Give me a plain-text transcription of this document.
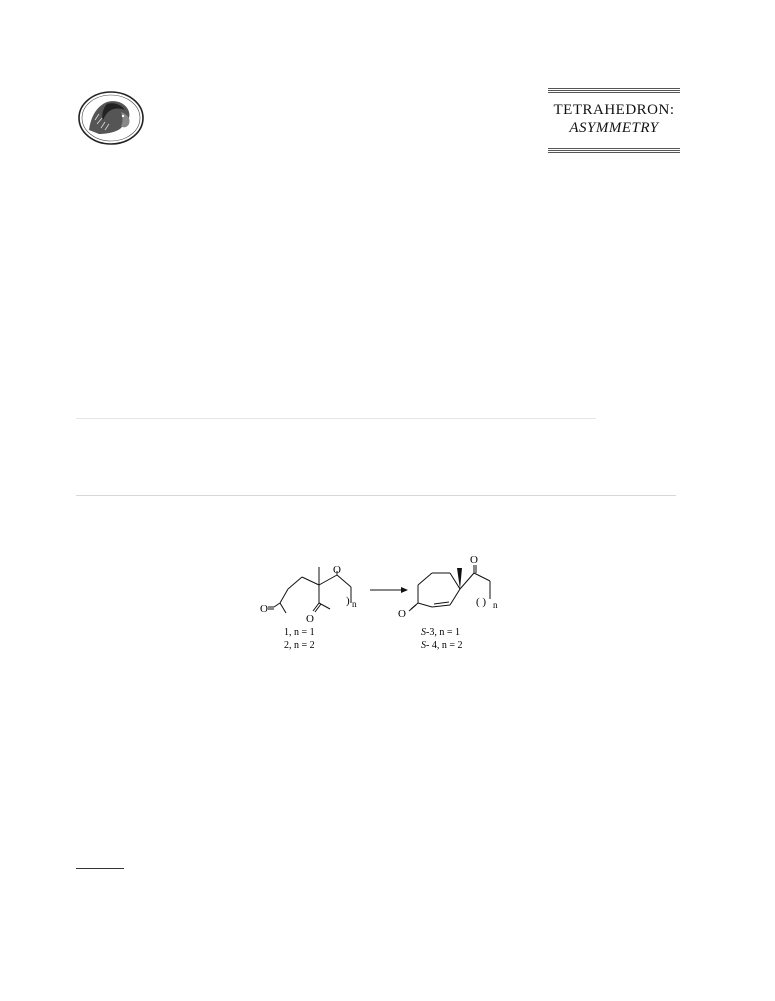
TETRAHEDRON:
ASYMMETRY
O
O
O
) n
1, n = 1
2, n = 2
O
O
( ) n
S-3, n = 1
S- 4, n = 2
